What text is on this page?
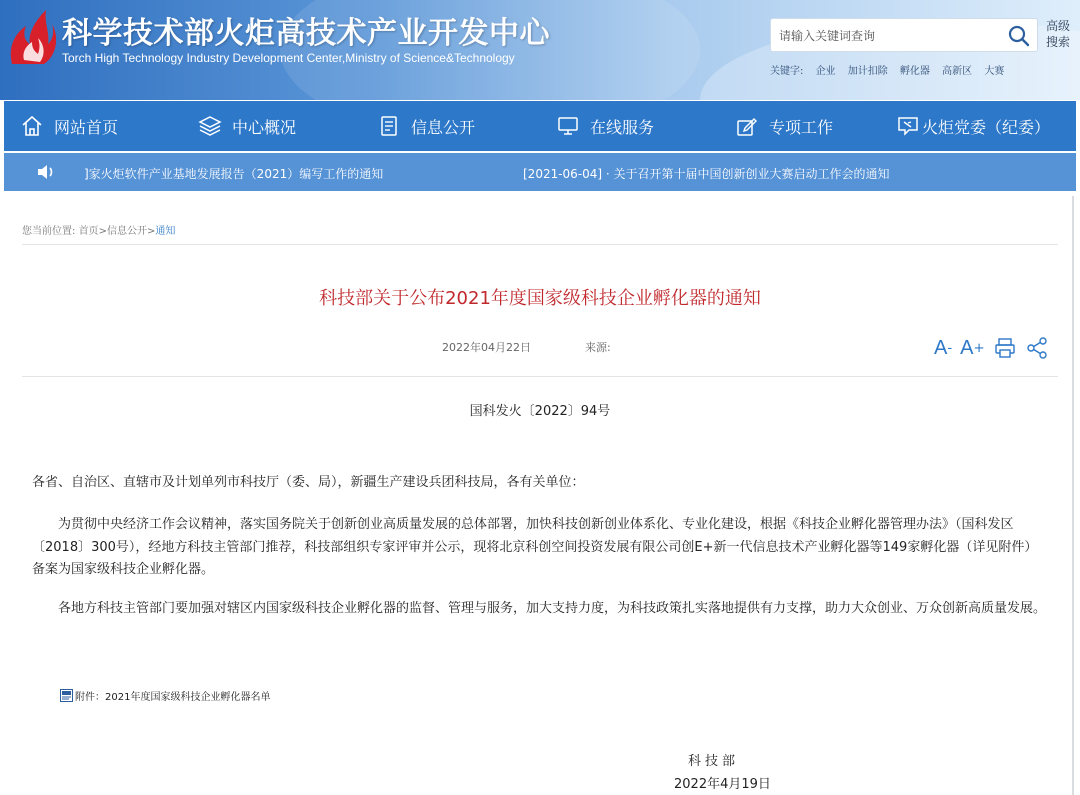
科学技术部火炬高技术产业开发中心
Torch High Technology Industry Development Center,Ministry of Science&Technology
请输入关键词查询
高级搜索
关键字: 企业 加计扣除 孵化器 高新区 大赛
网站首页	中心概况	信息公开	在线服务	专项工作	火炬党委（纪委）
]家火炬软件产业基地发展报告（2021）编写工作的通知	[2021-06-04] · 关于召开第十届中国创新创业大赛启动工作会的通知
您当前位置: 首页>信息公开>通知
科技部关于公布2021年度国家级科技企业孵化器的通知
2022年04月22日	来源:	A - A +
国科发火〔2022〕94号
各省、自治区、直辖市及计划单列市科技厅（委、局），新疆生产建设兵团科技局，各有关单位：
为贯彻中央经济工作会议精神，落实国务院关于创新创业高质量发展的总体部署，加快科技创新创业体系化、专业化建设，根据《科技企业孵化器管理办法》（国科发区〔2018〕300号），经地方科技主管部门推荐，科技部组织专家评审并公示，现将北京科创空间投资发展有限公司创E+新一代信息技术产业孵化器等149家孵化器（详见附件）备案为国家级科技企业孵化器。
各地方科技主管部门要加强对辖区内国家级科技企业孵化器的监督、管理与服务，加大支持力度，为科技政策扎实落地提供有力支撑，助力大众创业、万众创新高质量发展。
附件：2021年度国家级科技企业孵化器名单
科技部
2022年4月19日
